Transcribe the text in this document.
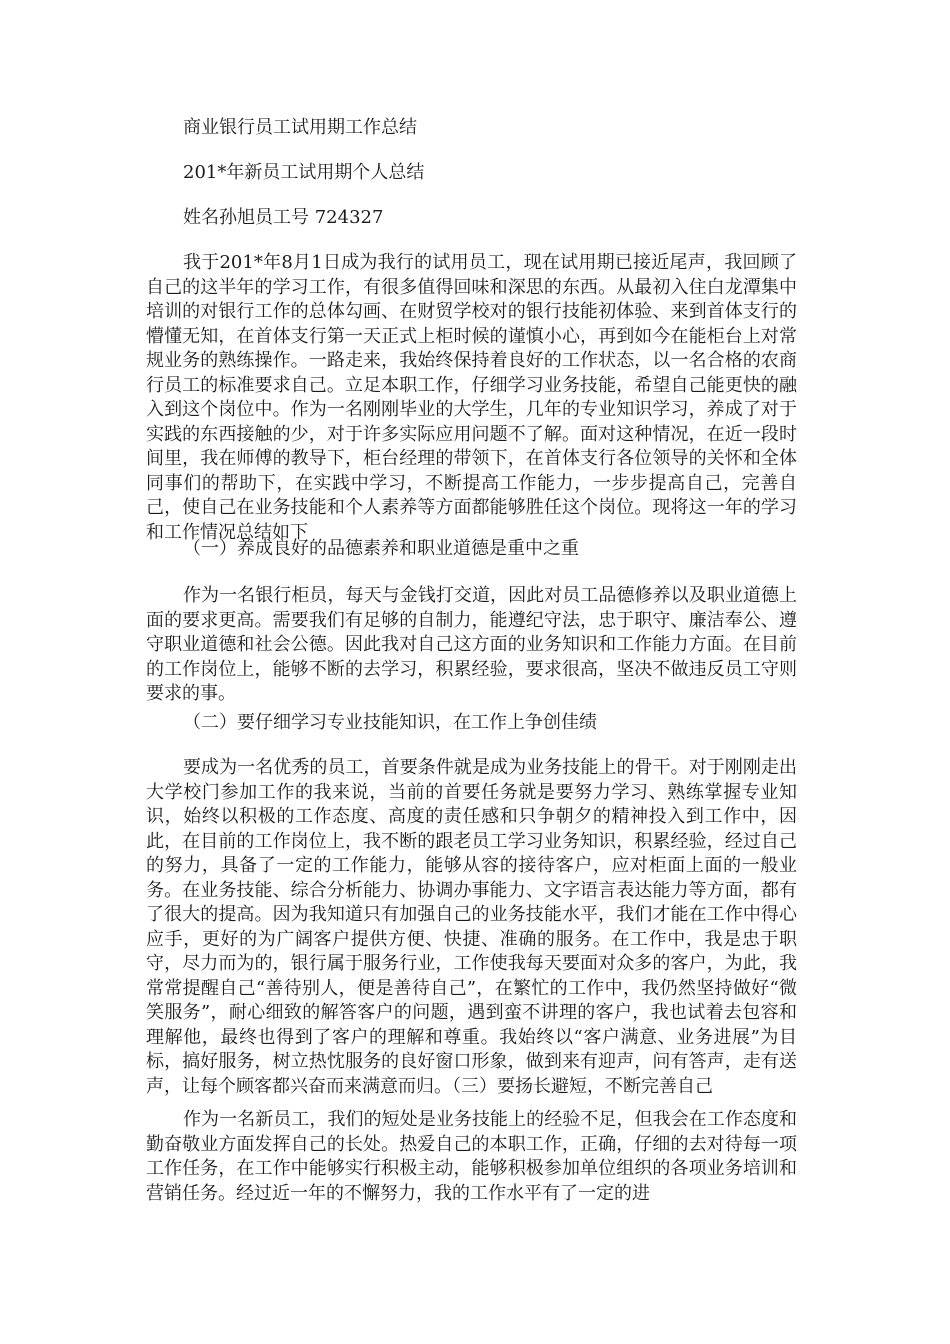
商业银行员工试用期工作总结
201*年新员工试用期个人总结
姓名孙旭员工号 724327
我于201*年8月1日成为我行的试用员工，现在试用期已接近尾声，我回顾了自己的这半年的学习工作，有很多值得回味和深思的东西。从最初入住白龙潭集中培训的对银行工作的总体勾画、在财贸学校对的银行技能初体验、来到首体支行的懵懂无知，在首体支行第一天正式上柜时候的谨慎小心，再到如今在能柜台上对常规业务的熟练操作。一路走来，我始终保持着良好的工作状态，以一名合格的农商行员工的标准要求自己。立足本职工作，仔细学习业务技能，希望自己能更快的融入到这个岗位中。作为一名刚刚毕业的大学生，几年的专业知识学习，养成了对于实践的东西接触的少，对于许多实际应用问题不了解。面对这种情况，在近一段时间里，我在师傅的教导下，柜台经理的带领下，在首体支行各位领导的关怀和全体同事们的帮助下，在实践中学习，不断提高工作能力，一步步提高自己，完善自己，使自己在业务技能和个人素养等方面都能够胜任这个岗位。现将这一年的学习和工作情况总结如下
（一）养成良好的品德素养和职业道德是重中之重
作为一名银行柜员，每天与金钱打交道，因此对员工品德修养以及职业道德上面的要求更高。需要我们有足够的自制力，能遵纪守法，忠于职守、廉洁奉公、遵守职业道德和社会公德。因此我对自己这方面的业务知识和工作能力方面。在目前的工作岗位上，能够不断的去学习，积累经验，要求很高，坚决不做违反员工守则要求的事。
（二）要仔细学习专业技能知识，在工作上争创佳绩
要成为一名优秀的员工，首要条件就是成为业务技能上的骨干。对于刚刚走出大学校门参加工作的我来说，当前的首要任务就是要努力学习、熟练掌握专业知识，始终以积极的工作态度、高度的责任感和只争朝夕的精神投入到工作中，因此，在目前的工作岗位上，我不断的跟老员工学习业务知识，积累经验，经过自己的努力，具备了一定的工作能力，能够从容的接待客户，应对柜面上面的一般业务。在业务技能、综合分析能力、协调办事能力、文字语言表达能力等方面，都有了很大的提高。因为我知道只有加强自己的业务技能水平，我们才能在工作中得心应手，更好的为广阔客户提供方便、快捷、准确的服务。在工作中，我是忠于职守，尽力而为的，银行属于服务行业，工作使我每天要面对众多的客户，为此，我常常提醒自己“善待别人，便是善待自己”，在繁忙的工作中，我仍然坚持做好“微笑服务”，耐心细致的解答客户的问题，遇到蛮不讲理的客户，我也试着去包容和理解他，最终也得到了客户的理解和尊重。我始终以“客户满意、业务进展”为目标，搞好服务，树立热忱服务的良好窗口形象，做到来有迎声，问有答声，走有送声，让每个顾客都兴奋而来满意而归。（三）要扬长避短，不断完善自己
作为一名新员工，我们的短处是业务技能上的经验不足，但我会在工作态度和勤奋敬业方面发挥自己的长处。热爱自己的本职工作，正确，仔细的去对待每一项工作任务，在工作中能够实行积极主动，能够积极参加单位组织的各项业务培训和营销任务。经过近一年的不懈努力，我的工作水平有了一定的进
